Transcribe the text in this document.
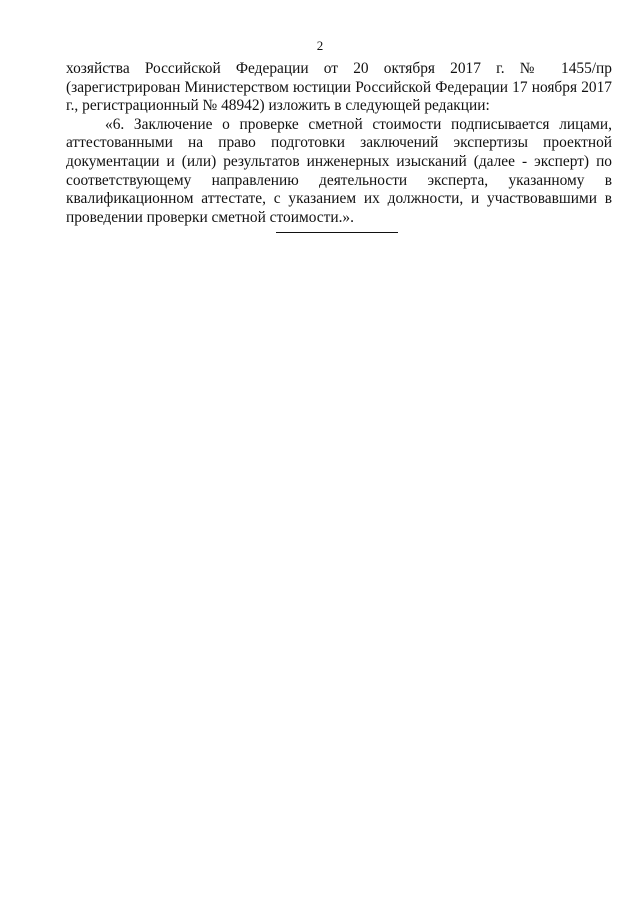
2

хозяйства Российской Федерации от 20 октября 2017 г. № 1455/пр (зарегистрирован Министерством юстиции Российской Федерации 17 ноября 2017 г., регистрационный № 48942) изложить в следующей редакции:

«6. Заключение о проверке сметной стоимости подписывается лицами, аттестованными на право подготовки заключений экспертизы проектной документации и (или) результатов инженерных изысканий (далее - эксперт) по соответствующему направлению деятельности эксперта, указанному в квалификационном аттестате, с указанием их должности, и участвовавшими в проведении проверки сметной стоимости.».
